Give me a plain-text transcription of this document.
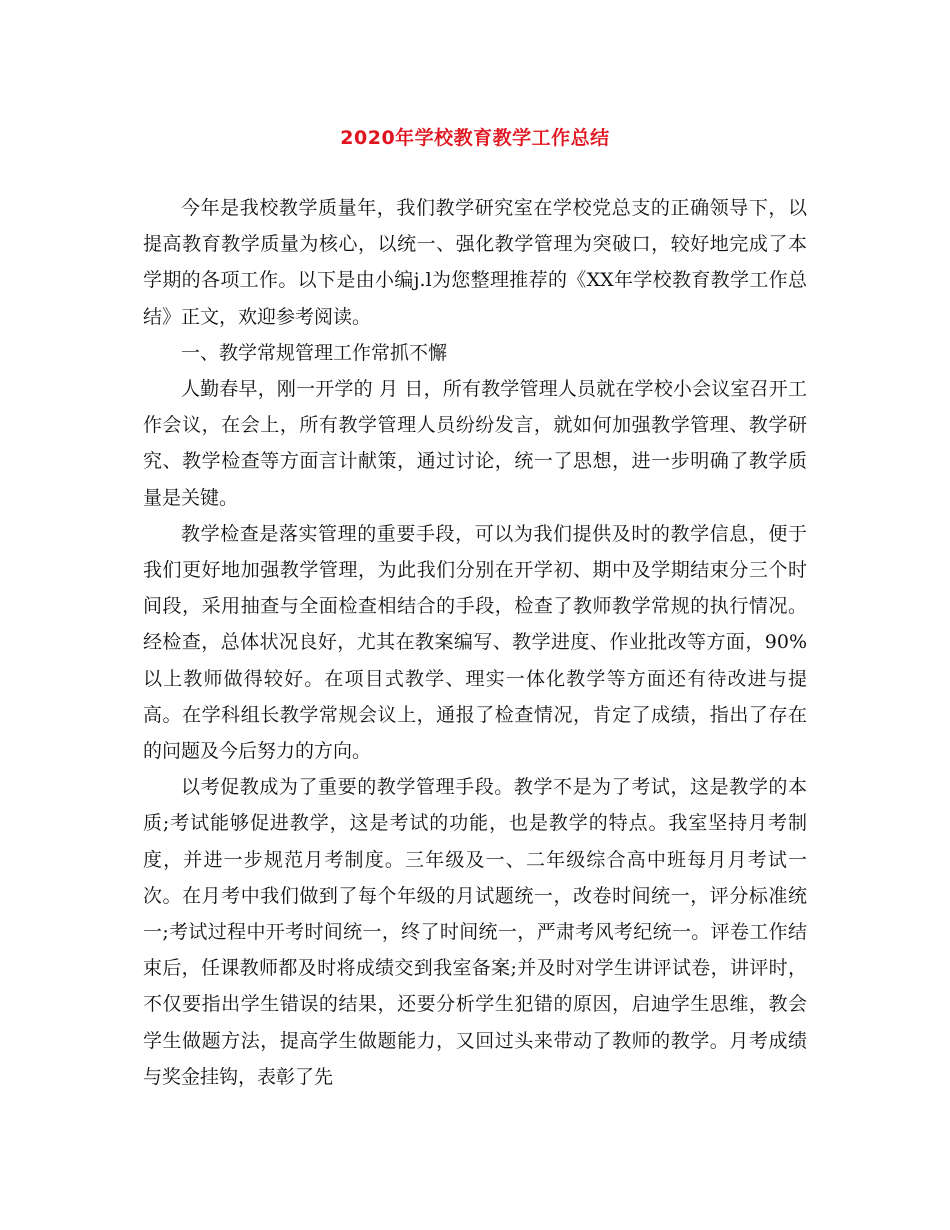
2020年学校教育教学工作总结

今年是我校教学质量年，我们教学研究室在学校党总支的正确领导下，以提高教育教学质量为核心，以统一、强化教学管理为突破口，较好地完成了本学期的各项工作。以下是由小编j.l为您整理推荐的《XX年学校教育教学工作总结》正文，欢迎参考阅读。

一、教学常规管理工作常抓不懈

人勤春早，刚一开学的 月 日，所有教学管理人员就在学校小会议室召开工作会议，在会上，所有教学管理人员纷纷发言，就如何加强教学管理、教学研究、教学检查等方面言计献策，通过讨论，统一了思想，进一步明确了教学质量是关键。

教学检查是落实管理的重要手段，可以为我们提供及时的教学信息，便于我们更好地加强教学管理，为此我们分别在开学初、期中及学期结束分三个时间段，采用抽查与全面检查相结合的手段，检查了教师教学常规的执行情况。经检查，总体状况良好，尤其在教案编写、教学进度、作业批改等方面，90%以上教师做得较好。在项目式教学、理实一体化教学等方面还有待改进与提高。在学科组长教学常规会议上，通报了检查情况，肯定了成绩，指出了存在的问题及今后努力的方向。

以考促教成为了重要的教学管理手段。教学不是为了考试，这是教学的本质;考试能够促进教学，这是考试的功能，也是教学的特点。我室坚持月考制度，并进一步规范月考制度。三年级及一、二年级综合高中班每月月考试一次。在月考中我们做到了每个年级的月试题统一，改卷时间统一，评分标准统一;考试过程中开考时间统一，终了时间统一，严肃考风考纪统一。评卷工作结束后，任课教师都及时将成绩交到我室备案;并及时对学生讲评试卷，讲评时，不仅要指出学生错误的结果，还要分析学生犯错的原因，启迪学生思维，教会学生做题方法，提高学生做题能力，又回过头来带动了教师的教学。月考成绩与奖金挂钩，表彰了先
